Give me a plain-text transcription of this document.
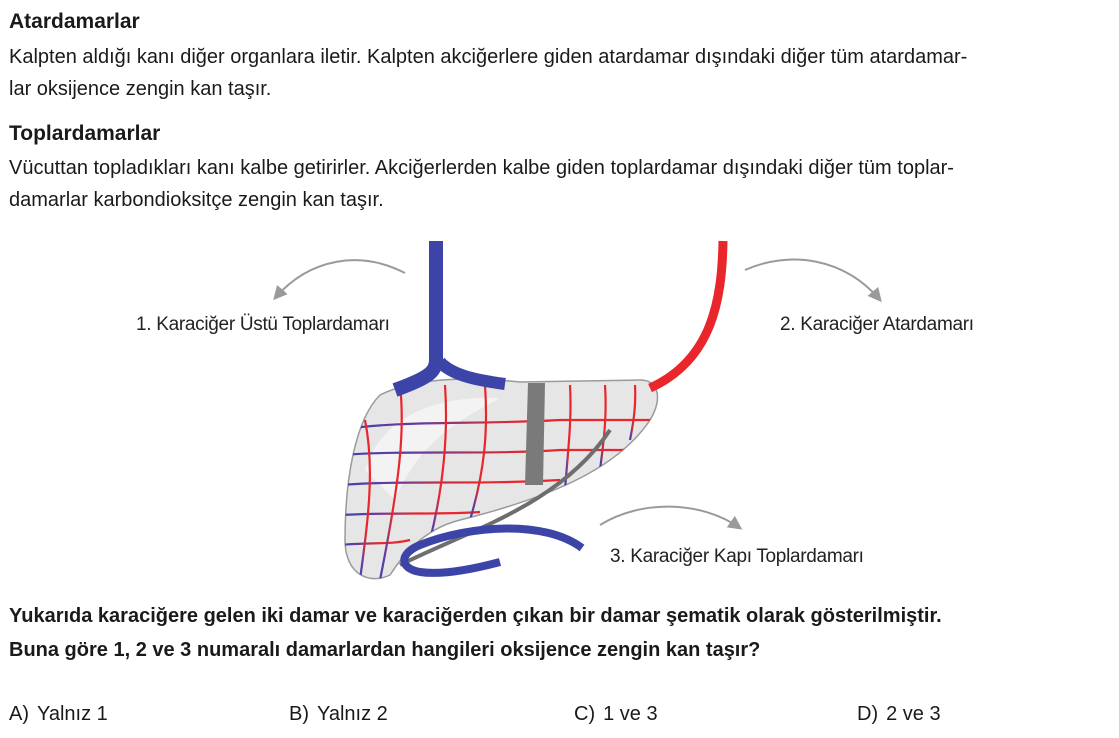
Atardamarlar
Kalpten aldığı kanı diğer organlara iletir. Kalpten akciğerlere giden atardamar dışındaki diğer tüm atardamar-
lar oksijence zengin kan taşır.
Toplardamarlar
Vücuttan topladıkları kanı kalbe getirirler. Akciğerlerden kalbe giden toplardamar dışındaki diğer tüm toplar-
damarlar karbondioksitçe zengin kan taşır.
1. Karaciğer Üstü Toplardamarı	2. Karaciğer Atardamarı
3. Karaciğer Kapı Toplardamarı
Yukarıda karaciğere gelen iki damar ve karaciğerden çıkan bir damar şematik olarak gösterilmiştir.
Buna göre 1, 2 ve 3 numaralı damarlardan hangileri oksijence zengin kan taşır?
A) Yalnız 1	B) Yalnız 2	C) 1 ve 3	D) 2 ve 3
